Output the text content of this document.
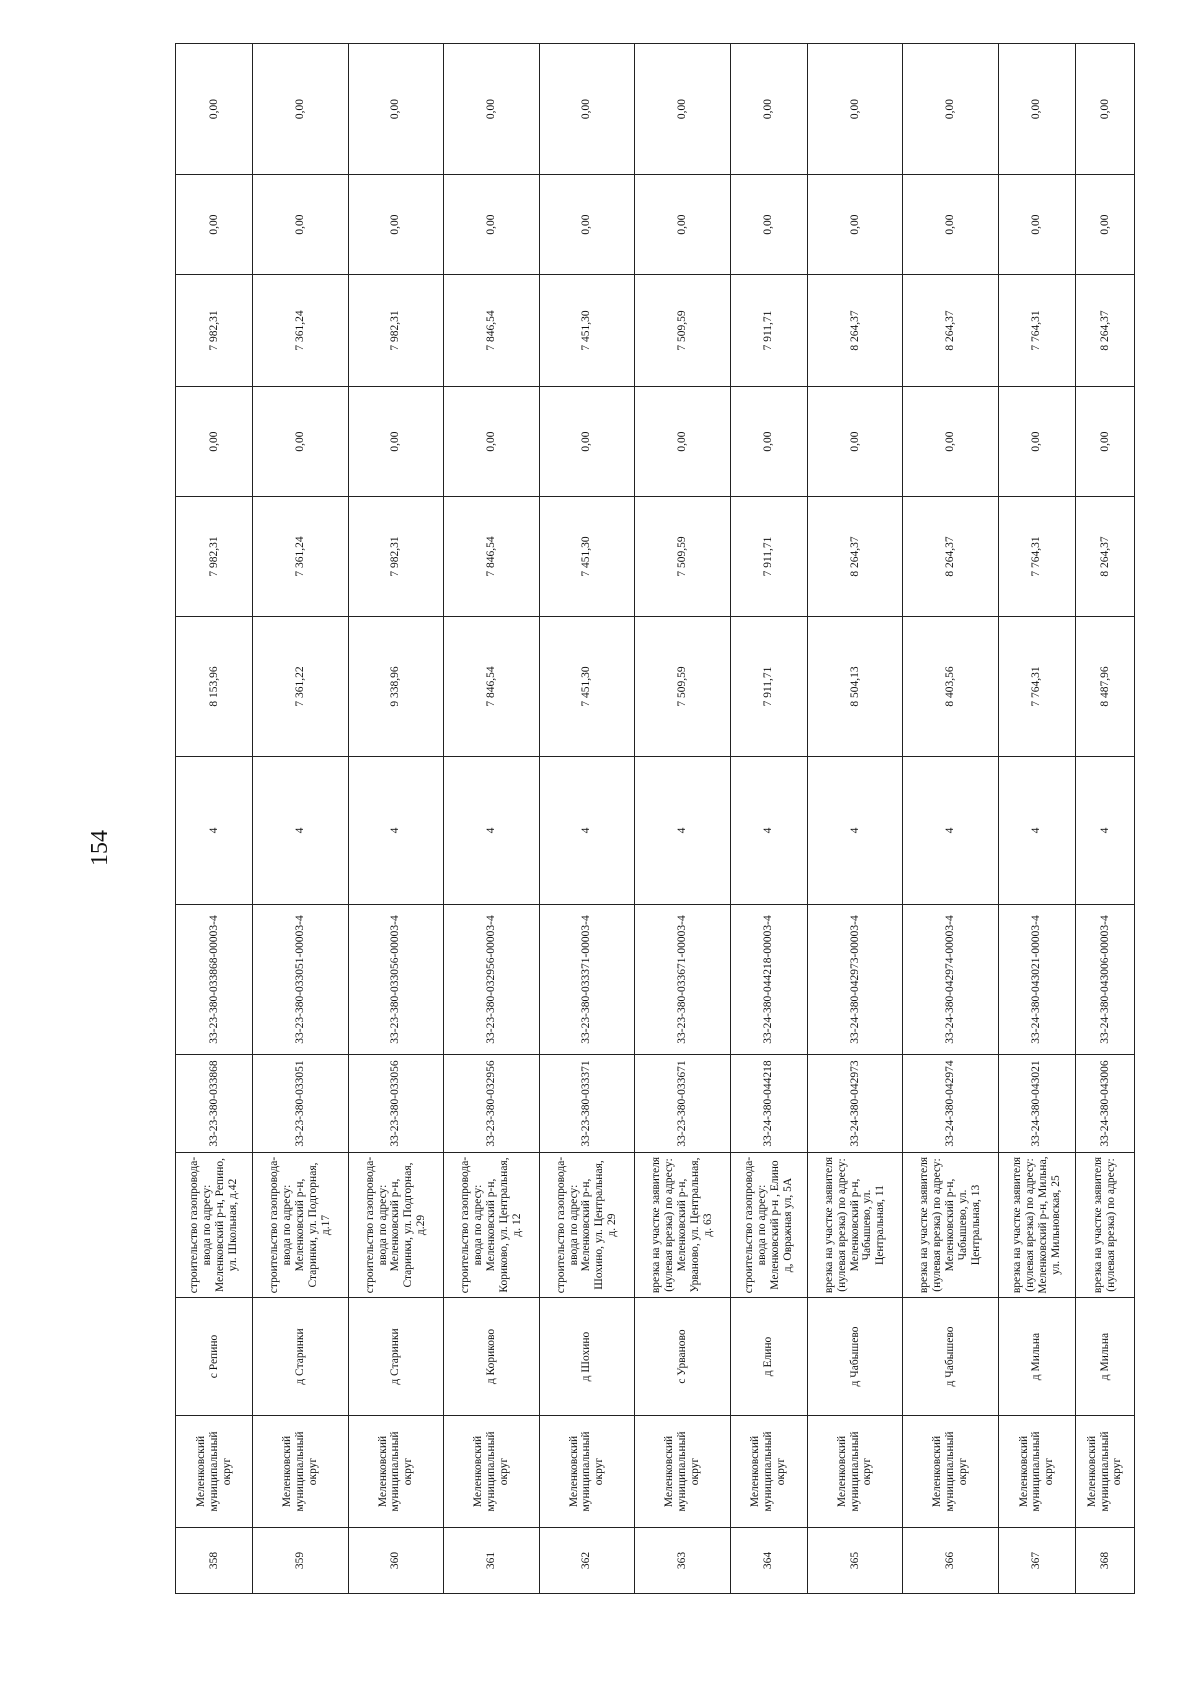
154
358	Меленковский муниципальный округ	с Репино	строительство газопровода-ввода по адресу: Меленковский р-н, Репино, ул. Школьная, д.42	33-23-380-033868	33-23-380-033868-00003-4	4	8 153,96	7 982,31	0,00	7 982,31	0,00	0,00
359	Меленковский муниципальный округ	д Старинки	строительство газопровода-ввода по адресу: Меленковский р-н, Старинки, ул. Подгорная, д.17	33-23-380-033051	33-23-380-033051-00003-4	4	7 361,22	7 361,24	0,00	7 361,24	0,00	0,00
360	Меленковский муниципальный округ	д Старинки	строительство газопровода-ввода по адресу: Меленковский р-н, Старинки, ул. Подгорная, д.29	33-23-380-033056	33-23-380-033056-00003-4	4	9 338,96	7 982,31	0,00	7 982,31	0,00	0,00
361	Меленковский муниципальный округ	д Кориково	строительство газопровода-ввода по адресу: Меленковский р-н, Кориково, ул. Центральная, д. 12	33-23-380-032956	33-23-380-032956-00003-4	4	7 846,54	7 846,54	0,00	7 846,54	0,00	0,00
362	Меленковский муниципальный округ	д Шохино	строительство газопровода-ввода по адресу: Меленковский р-н, Шохино, ул. Центральная, д. 29	33-23-380-033371	33-23-380-033371-00003-4	4	7 451,30	7 451,30	0,00	7 451,30	0,00	0,00
363	Меленковский муниципальный округ	с Урвановo	врезка на участке заявителя (нулевая врезка) по адресу: Меленковский р-н, Урвановo, ул. Центральная, д. 63	33-23-380-033671	33-23-380-033671-00003-4	4	7 509,59	7 509,59	0,00	7 509,59	0,00	0,00
364	Меленковский муниципальный округ	д Елино	строительство газопровода-ввода по адресу: Меленковский р-н , Елино д, Овражная ул, 5А	33-24-380-044218	33-24-380-044218-00003-4	4	7 911,71	7 911,71	0,00	7 911,71	0,00	0,00
365	Меленковский муниципальный округ	д Чабышево	врезка на участке заявителя (нулевая врезка) по адресу: Меленковский р-н, Чабышево, ул. Центральная, 11	33-24-380-042973	33-24-380-042973-00003-4	4	8 504,13	8 264,37	0,00	8 264,37	0,00	0,00
366	Меленковский муниципальный округ	д Чабышево	врезка на участке заявителя (нулевая врезка) по адресу: Меленковский р-н, Чабышево, ул. Центральная, 13	33-24-380-042974	33-24-380-042974-00003-4	4	8 403,56	8 264,37	0,00	8 264,37	0,00	0,00
367	Меленковский муниципальный округ	д Мильна	врезка на участке заявителя (нулевая врезка) по адресу: Меленковский р-н, Мильна, ул. Мильновская, 25	33-24-380-043021	33-24-380-043021-00003-4	4	7 764,31	7 764,31	0,00	7 764,31	0,00	0,00
368	Меленковский муниципальный округ	д Мильна	врезка на участке заявителя (нулевая врезка) по адресу:	33-24-380-043006	33-24-380-043006-00003-4	4	8 487,96	8 264,37	0,00	8 264,37	0,00	0,00
